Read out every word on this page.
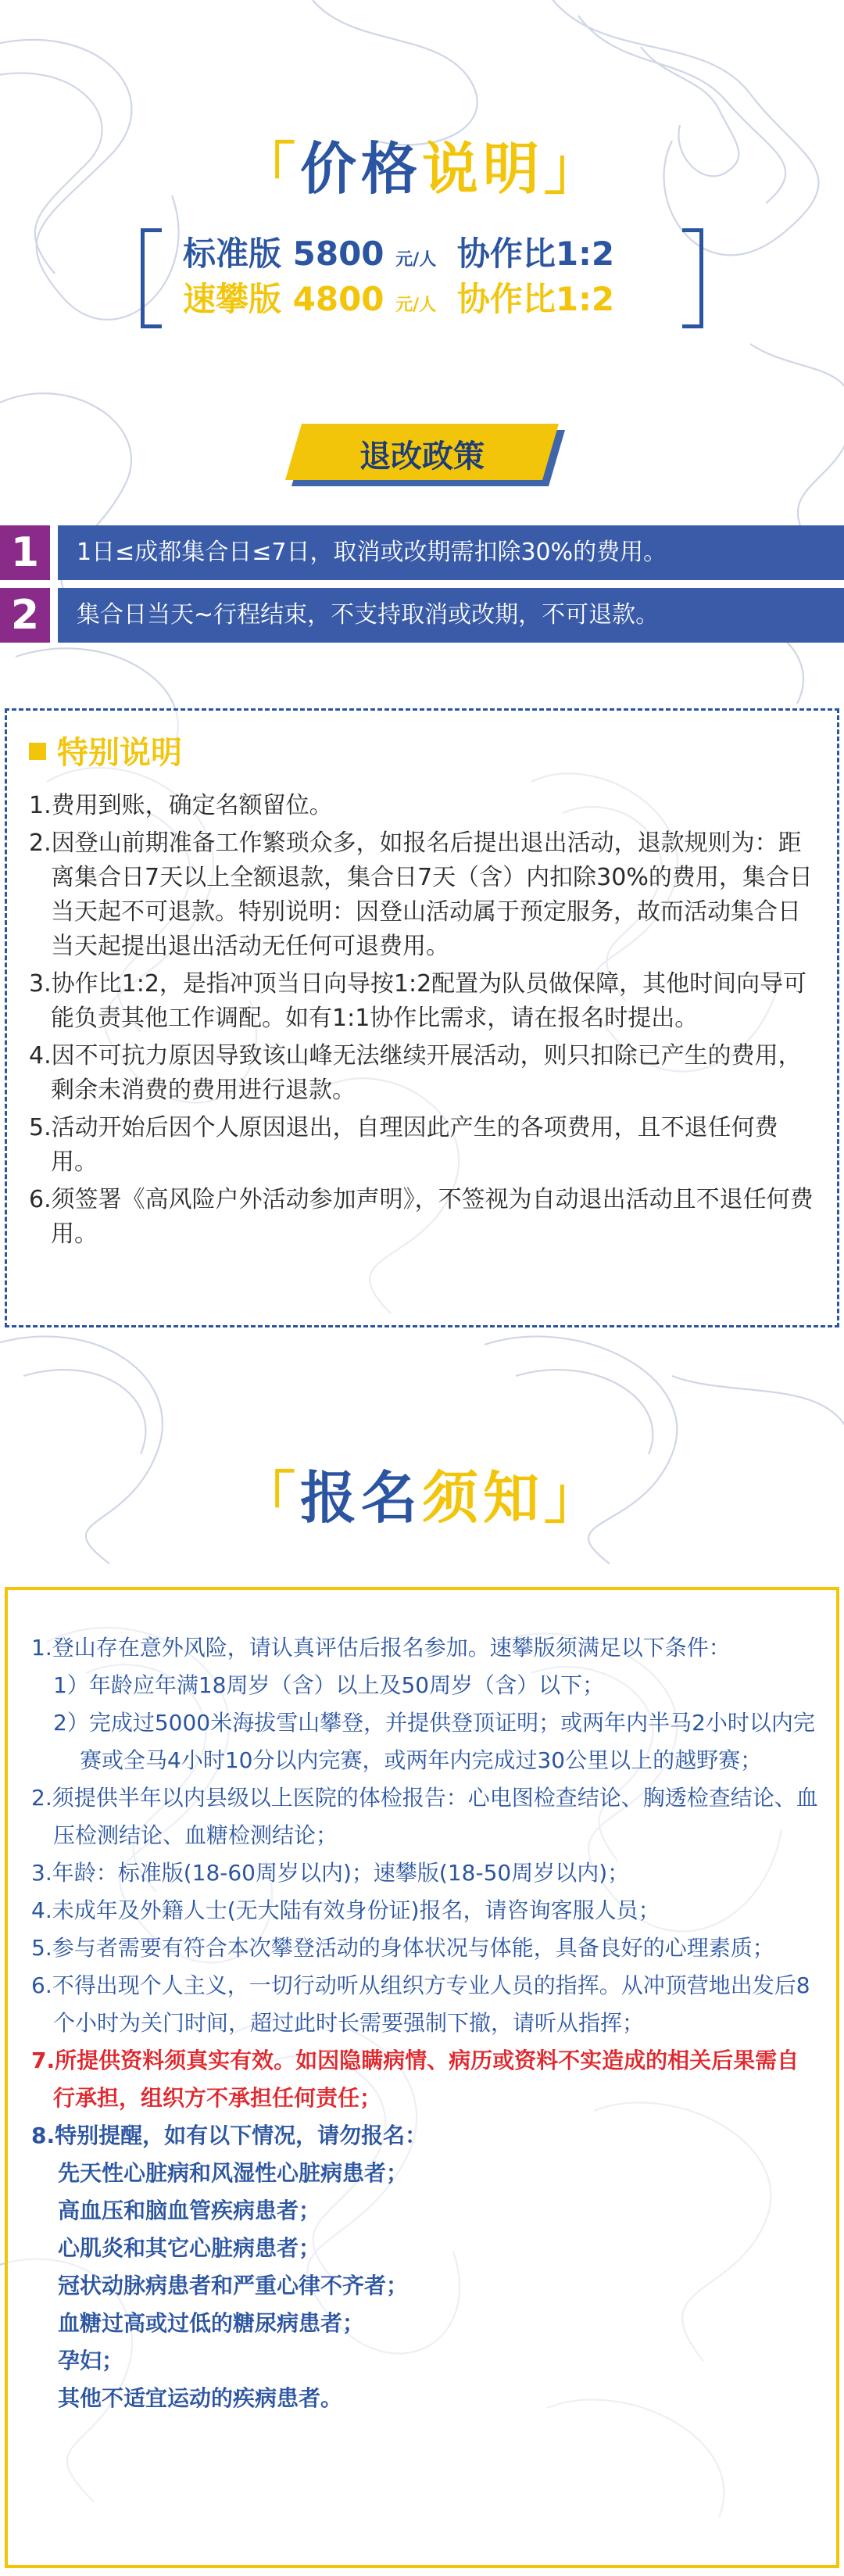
「价格说明」
标准版 5800 元/人 协作比1:2
速攀版 4800 元/人 协作比1:2
退改政策
1	1日≤成都集合日≤7日，取消或改期需扣除30%的费用。
2	集合日当天~行程结束，不支持取消或改期，不可退款。
特别说明

1.费用到账，确定名额留位。

2.因登山前期准备工作繁琐众多，如报名后提出退出活动，退款规则为：距离集合日7天以上全额退款，集合日7天（含）内扣除30%的费用，集合日当天起不可退款。特别说明：因登山活动属于预定服务，故而活动集合日当天起提出退出活动无任何可退费用。

3.协作比1:2，是指冲顶当日向导按1:2配置为队员做保障，其他时间向导可能负责其他工作调配。如有1:1协作比需求，请在报名时提出。

4.因不可抗力原因导致该山峰无法继续开展活动，则只扣除已产生的费用，剩余未消费的费用进行退款。

5.活动开始后因个人原因退出，自理因此产生的各项费用，且不退任何费用。

6.须签署《高风险户外活动参加声明》，不签视为自动退出活动且不退任何费用。

「报名须知」

1.登山存在意外风险，请认真评估后报名参加。速攀版须满足以下条件：

1）年龄应年满18周岁（含）以上及50周岁（含）以下；

2）完成过5000米海拔雪山攀登，并提供登顶证明；或两年内半马2小时以内完赛或全马4小时10分以内完赛，或两年内完成过30公里以上的越野赛；

2.须提供半年以内县级以上医院的体检报告：心电图检查结论、胸透检查结论、血压检测结论、血糖检测结论；

3.年龄：标准版(18-60周岁以内)；速攀版(18-50周岁以内)；

4.未成年及外籍人士(无大陆有效身份证)报名，请咨询客服人员；

5.参与者需要有符合本次攀登活动的身体状况与体能，具备良好的心理素质；

6.不得出现个人主义，一切行动听从组织方专业人员的指挥。从冲顶营地出发后8个小时为关门时间，超过此时长需要强制下撤，请听从指挥；

7.所提供资料须真实有效。如因隐瞒病情、病历或资料不实造成的相关后果需自行承担，组织方不承担任何责任；

8.特别提醒，如有以下情况，请勿报名：

先天性心脏病和风湿性心脏病患者；

高血压和脑血管疾病患者；

心肌炎和其它心脏病患者；

冠状动脉病患者和严重心律不齐者；

血糖过高或过低的糖尿病患者；

孕妇；

其他不适宜运动的疾病患者。
